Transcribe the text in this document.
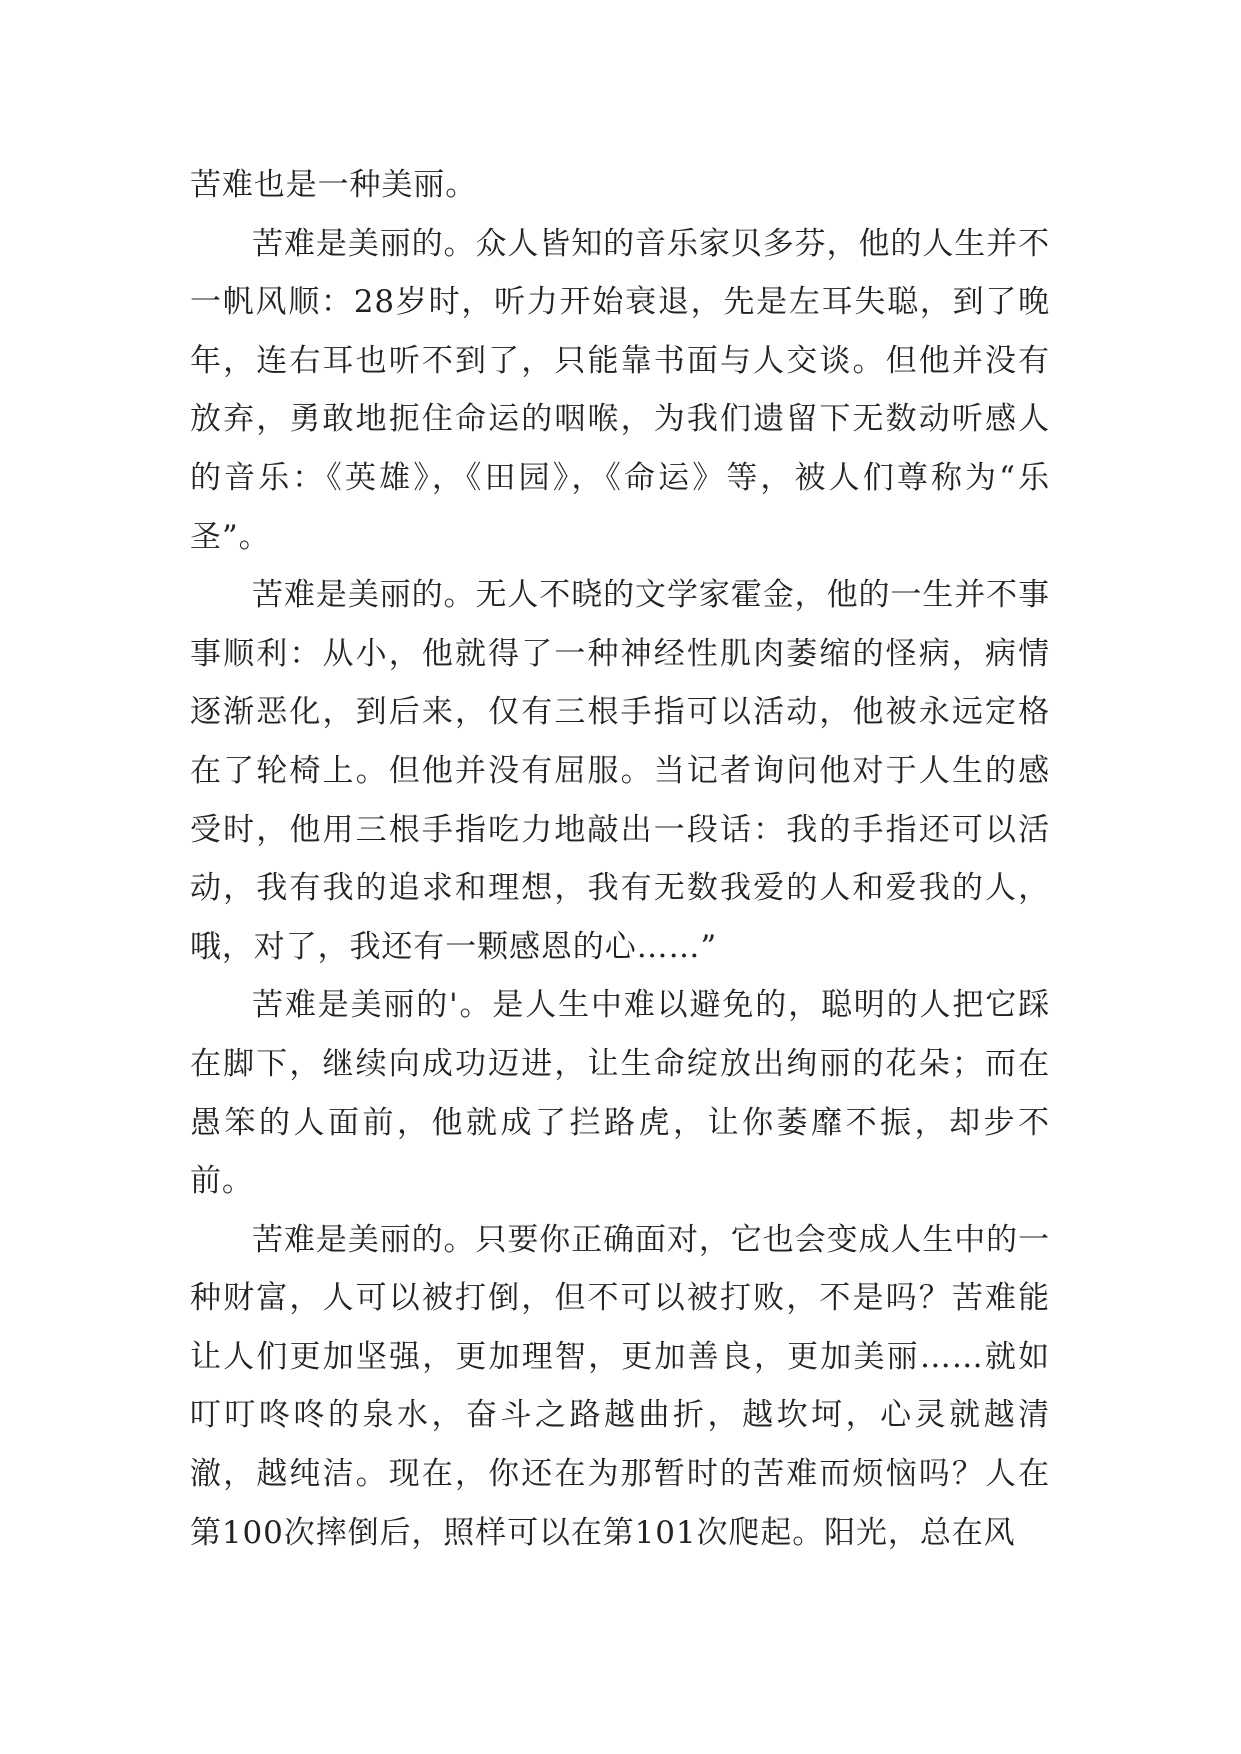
苦难也是一种美丽。

苦难是美丽的。众人皆知的音乐家贝多芬，他的人生并不一帆风顺：28岁时，听力开始衰退，先是左耳失聪，到了晚年，连右耳也听不到了，只能靠书面与人交谈。但他并没有放弃，勇敢地扼住命运的咽喉，为我们遗留下无数动听感人的音乐：《英雄》，《田园》，《命运》等，被人们尊称为“乐圣”。

苦难是美丽的。无人不晓的文学家霍金，他的一生并不事事顺利：从小，他就得了一种神经性肌肉萎缩的怪病，病情逐渐恶化，到后来，仅有三根手指可以活动，他被永远定格在了轮椅上。但他并没有屈服。当记者询问他对于人生的感受时，他用三根手指吃力地敲出一段话：我的手指还可以活动，我有我的追求和理想，我有无数我爱的人和爱我的人，哦，对了，我还有一颗感恩的心……”

苦难是美丽的'。是人生中难以避免的，聪明的人把它踩在脚下，继续向成功迈进，让生命绽放出绚丽的花朵；而在愚笨的人面前，他就成了拦路虎，让你萎靡不振，却步不前。

苦难是美丽的。只要你正确面对，它也会变成人生中的一种财富，人可以被打倒，但不可以被打败，不是吗？苦难能让人们更加坚强，更加理智，更加善良，更加美丽……就如叮叮咚咚的泉水，奋斗之路越曲折，越坎坷，心灵就越清澈，越纯洁。现在，你还在为那暂时的苦难而烦恼吗？人在第100次摔倒后，照样可以在第101次爬起。阳光，总在风
